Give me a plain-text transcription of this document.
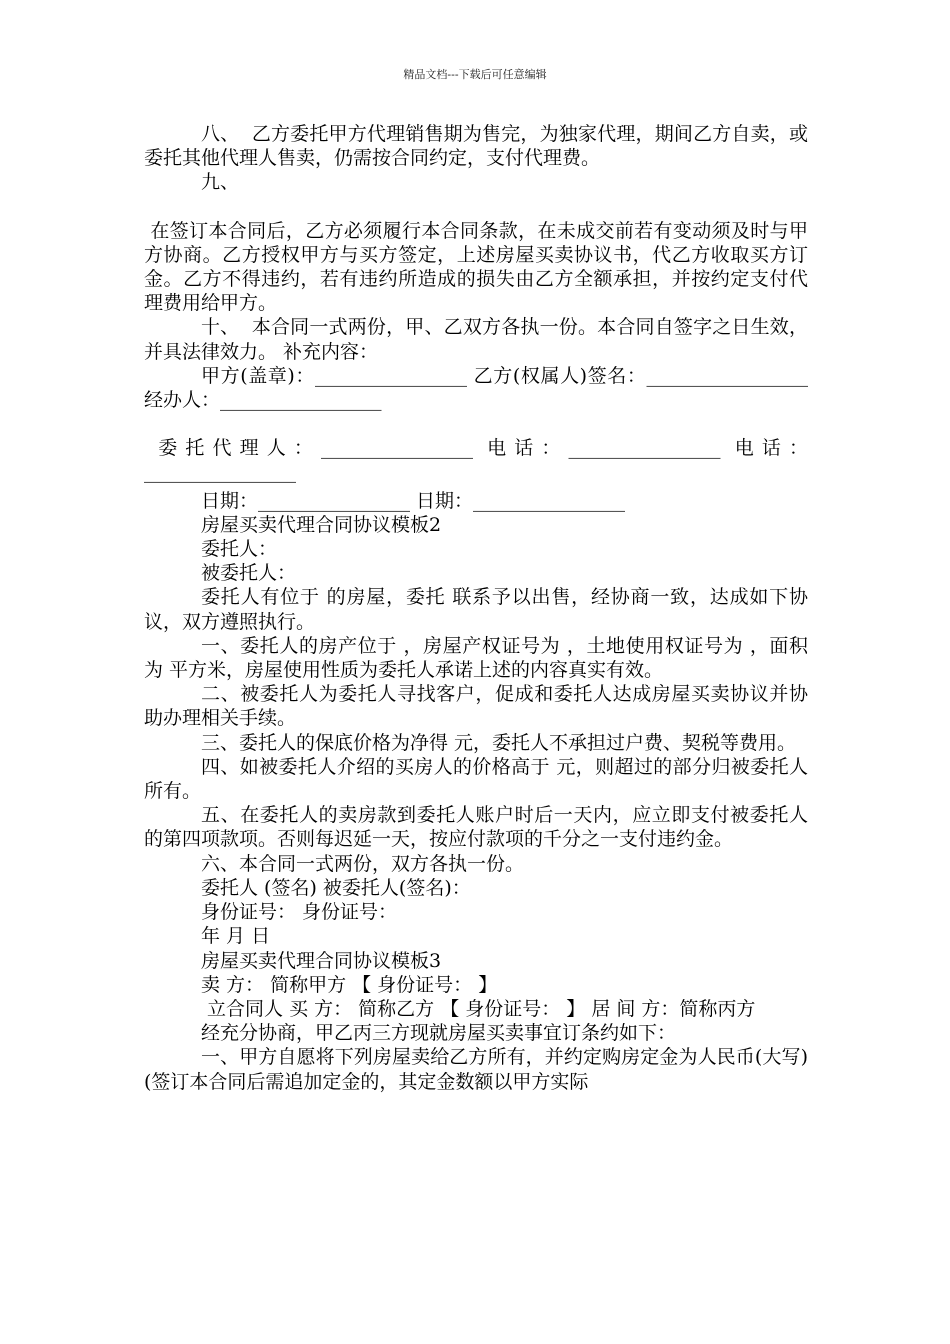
精品文档---下载后可任意编辑

八、  乙方委托甲方代理销售期为售完，为独家代理，期间乙方自卖，或委托其他代理人售卖，仍需按合同约定，支付代理费。

九、

在签订本合同后，乙方必须履行本合同条款，在未成交前若有变动须及时与甲方协商。乙方授权甲方与买方签定，上述房屋买卖协议书，代乙方收取买方订金。乙方不得违约，若有违约所造成的损失由乙方全额承担，并按约定支付代理费用给甲方。

十、  本合同一式两份，甲、乙双方各执一份。本合同自签字之日生效，并具法律效力。 补充内容：

甲方(盖章)：________________ 乙方(权属人)签名：_________________ 经办人：_________________

委托代理人：________________ 电话：________________ 电话：________________

日期：________________ 日期：________________

房屋买卖代理合同协议模板2

委托人：

被委托人：

委托人有位于 的房屋，委托 联系予以出售，经协商一致，达成如下协议，双方遵照执行。

一、委托人的房产位于 ，房屋产权证号为 ，土地使用权证号为 ，面积为 平方米，房屋使用性质为委托人承诺上述的内容真实有效。

二、被委托人为委托人寻找客户，促成和委托人达成房屋买卖协议并协助办理相关手续。

三、委托人的保底价格为净得 元，委托人不承担过户费、契税等费用。

四、如被委托人介绍的买房人的价格高于 元，则超过的部分归被委托人所有。

五、在委托人的卖房款到委托人账户时后一天内，应立即支付被委托人的第四项款项。否则每迟延一天，按应付款项的千分之一支付违约金。

六、本合同一式两份，双方各执一份。

委托人 (签名) 被委托人(签名)：

身份证号： 身份证号：

年 月 日

房屋买卖代理合同协议模板3

卖 方： 简称甲方 【 身份证号： 】

立合同人 买 方： 简称乙方 【 身份证号： 】 居 间 方：简称丙方

经充分协商，甲乙丙三方现就房屋买卖事宜订条约如下：

一、甲方自愿将下列房屋卖给乙方所有，并约定购房定金为人民币(大写) (签订本合同后需追加定金的，其定金数额以甲方实际
